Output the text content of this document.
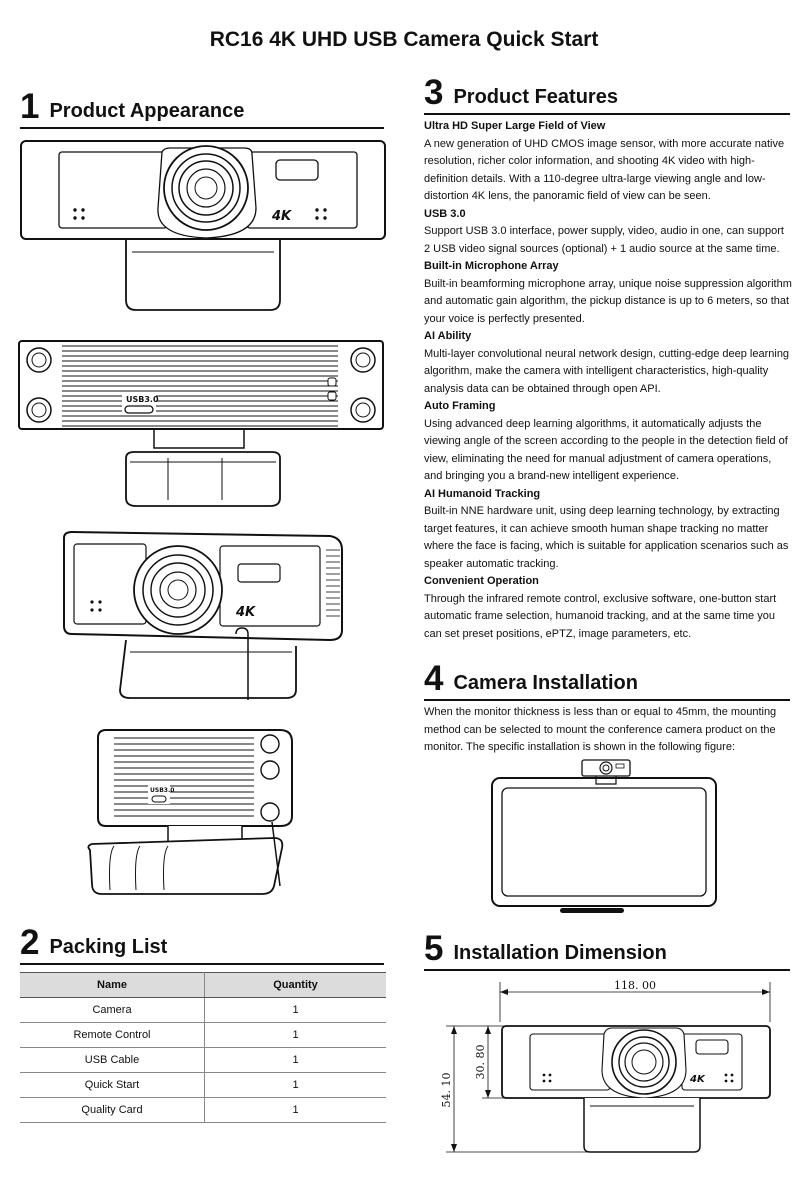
RC16 4K UHD USB Camera Quick Start
1 Product Appearance
4K
USB3.0
4K
USB3.0
2 Packing List
Name	Quantity
Camera	1
Remote Control	1
USB Cable	1
Quick Start	1
Quality Card	1
3 Product Features
Ultra HD Super Large Field of View
A new generation of UHD CMOS image sensor, with more accurate native resolution, richer color information, and shooting 4K video with high-definition details. With a 110-degree ultra-large viewing angle and low-distortion 4K lens, the panoramic field of view can be seen.
USB 3.0
Support USB 3.0 interface, power supply, video, audio in one, can support 2 USB video signal sources (optional) + 1 audio source at the same time.
Built-in Microphone Array
Built-in beamforming microphone array, unique noise suppression algorithm and automatic gain algorithm, the pickup distance is up to 6 meters, so that your voice is perfectly presented.
AI Ability
Multi-layer convolutional neural network design, cutting-edge deep learning algorithm, make the camera with intelligent characteristics, high-quality analysis data can be obtained through open API.
Auto Framing
Using advanced deep learning algorithms, it automatically adjusts the viewing angle of the screen according to the people in the detection field of view, eliminating the need for manual adjustment of camera operations, and bringing you a brand-new intelligent experience.
AI Humanoid Tracking
Built-in NNE hardware unit, using deep learning technology, by extracting target features, it can achieve smooth human shape tracking no matter where the face is facing, which is suitable for application scenarios such as speaker automatic tracking.
Convenient Operation
Through the infrared remote control, exclusive software, one-button start automatic frame selection, humanoid tracking, and at the same time you can set preset positions, ePTZ, image parameters, etc.
4 Camera Installation
When the monitor thickness is less than or equal to 45mm, the mounting method can be selected to mount the conference camera product on the monitor. The specific installation is shown in the following figure:
5 Installation Dimension
118. 00
54. 10
30. 80	4K
